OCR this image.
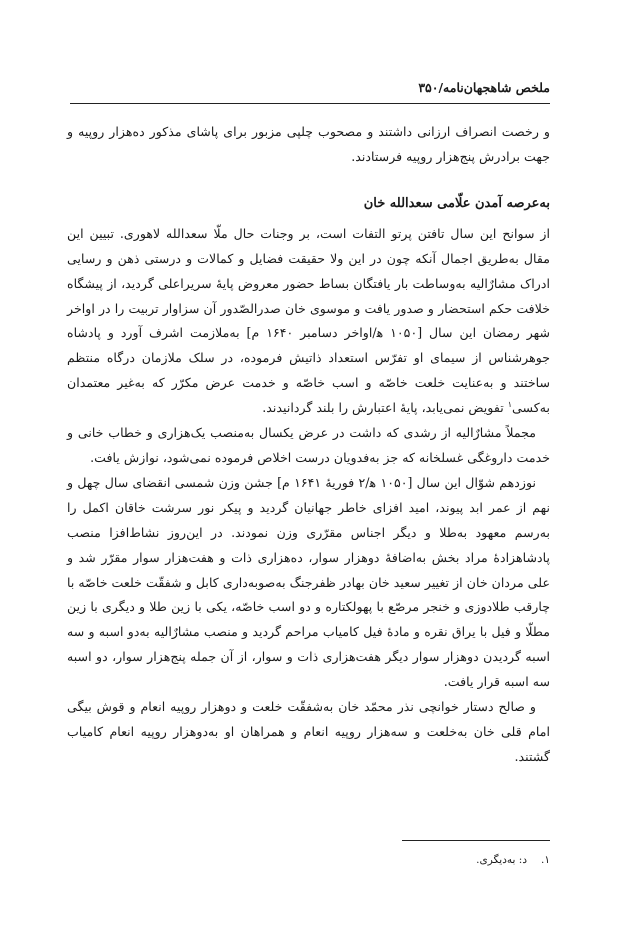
ملخص شاهجهان‌نامه/۳۵۰

و رخصت انصراف ارزانی داشتند و مصحوب چلپی مزبور برای پاشای مذکور ده‌هزار روپیه و جهت برادرش پنج‌هزار روپیه فرستادند.

به‌عرصه آمدن علّامی سعدالله خان

از سوانح این سال تافتن پرتو التفات است، بر وجنات حال ملّا سعدالله لاهوری. تبیین این مقال به‌طریق اجمال آنکه چون در این ولا حقیقت فضایل و کمالات و درستی ذهن و رسایی ادراک مشارٌالیه به‌وساطت بار یافتگان بساط حضور معروض پایهٔ سریراعلی گردید، از پیشگاه خلافت حکم استحضار و صدور یافت و موسوی خان صدرالصّدور آن سزاوار تربیت را در اواخر شهر رمضان این سال [۱۰۵۰ ه‍/اواخر دسامبر ۱۶۴۰ م] به‌ملازمت اشرف آورد و پادشاه جوهرشناس از سیمای او تفرّس استعداد ذاتیش فرموده، در سلک ملازمان درگاه منتظم ساختند و به‌عنایت خلعت خاصّه و اسب خاصّه و خدمت عرض مکرّر که به‌غیر معتمدان به‌کسی$^۱$ تفویض نمی‌یابد، پایهٔ اعتبارش را بلند گردانیدند.

مجملاً مشارٌالیه از رشدی که داشت در عرض یکسال به‌منصب یک‌هزاری و خطاب خانی و خدمت داروغگی غسلخانه که جز به‌فدویان درست اخلاص فرموده نمی‌شود، نوازش یافت.

نوزدهم شوّال این سال [۱۰۵۰ ه‍/۲ فوریهٔ ۱۶۴۱ م] جشن وزن شمسی انقضای سال چهل و نهم از عمر ابد پیوند، امید افزای خاطر جهانیان گردید و پیکر نور سرشت خاقان اکمل را به‌رسم معهود به‌طلا و دیگر اجناس مقرّری وزن نمودند. در این‌روز نشاط‌افزا منصب پادشاهزادهٔ مراد بخش به‌اضافهٔ دوهزار سوار، ده‌هزاری ذات و هفت‌هزار سوار مقرّر شد و علی مردان خان از تغییر سعید خان بهادر ظفرجنگ به‌صوبه‌داری کابل و شفقّت خلعت خاصّه با چارقب طلادوزی و خنجر مرصّع با پهولکتاره و دو اسب خاصّه، یکی با زین طلا و دیگری با زین مطلّا و فیل با یراق نقره و مادهٔ فیل کامیاب مراحم گردید و منصب مشارٌالیه به‌دو اسبه و سه اسبه گردیدن دوهزار سوار دیگر هفت‌هزاری ذات و سوار، از آن جمله پنج‌هزار سوار، دو اسبه سه اسبه قرار یافت.

و صالح دستار خوانچی نذر محمّد خان به‌شفقّت خلعت و دوهزار روپیه انعام و قوش بیگی امام قلی خان به‌خلعت و سه‌هزار روپیه انعام و همراهان او به‌دوهزار روپیه انعام کامیاب گشتند.

۱.د: به‌دیگری.
